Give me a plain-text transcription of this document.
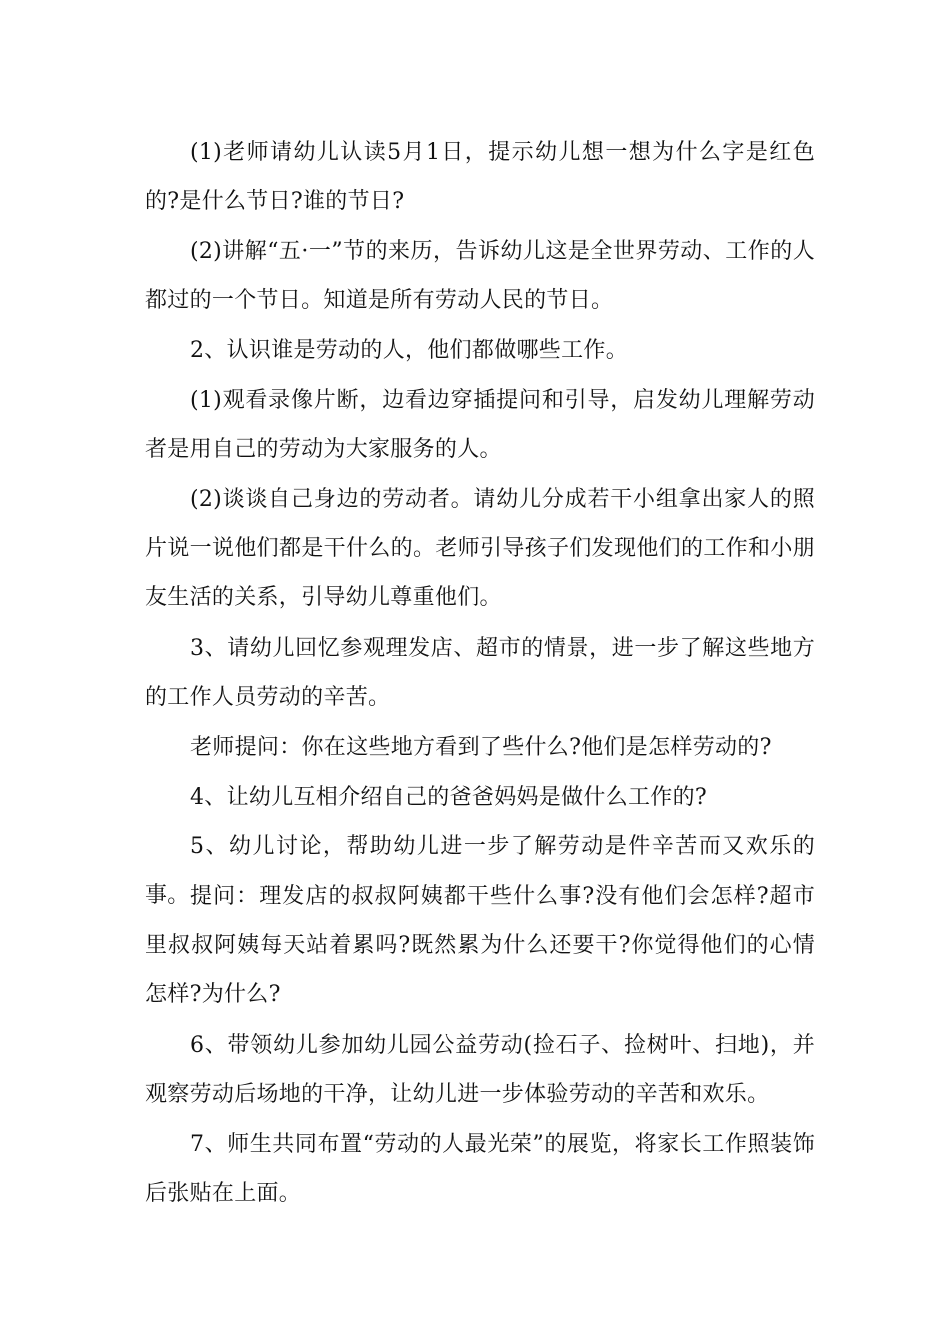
(1)老师请幼儿认读5月1日，提示幼儿想一想为什么字是红色的?是什么节日?谁的节日?

(2)讲解“五·一”节的来历，告诉幼儿这是全世界劳动、工作的人都过的一个节日。知道是所有劳动人民的节日。

2、认识谁是劳动的人，他们都做哪些工作。

(1)观看录像片断，边看边穿插提问和引导，启发幼儿理解劳动者是用自己的劳动为大家服务的人。

(2)谈谈自己身边的劳动者。请幼儿分成若干小组拿出家人的照片说一说他们都是干什么的。老师引导孩子们发现他们的工作和小朋友生活的关系，引导幼儿尊重他们。

3、请幼儿回忆参观理发店、超市的情景，进一步了解这些地方的工作人员劳动的辛苦。

老师提问：你在这些地方看到了些什么?他们是怎样劳动的?

4、让幼儿互相介绍自己的爸爸妈妈是做什么工作的?

5、幼儿讨论，帮助幼儿进一步了解劳动是件辛苦而又欢乐的事。 提问：理发店的叔叔阿姨都干些什么事?没有他们会怎样?超市里叔叔阿姨每天站着累吗?既然累为什么还要干?你觉得他们的心情怎样?为什么?

6、带领幼儿参加幼儿园公益劳动(捡石子、捡树叶、扫地)，并观察劳动后场地的干净，让幼儿进一步体验劳动的辛苦和欢乐。

7、师生共同布置“劳动的人最光荣”的展览，将家长工作照装饰后张贴在上面。
